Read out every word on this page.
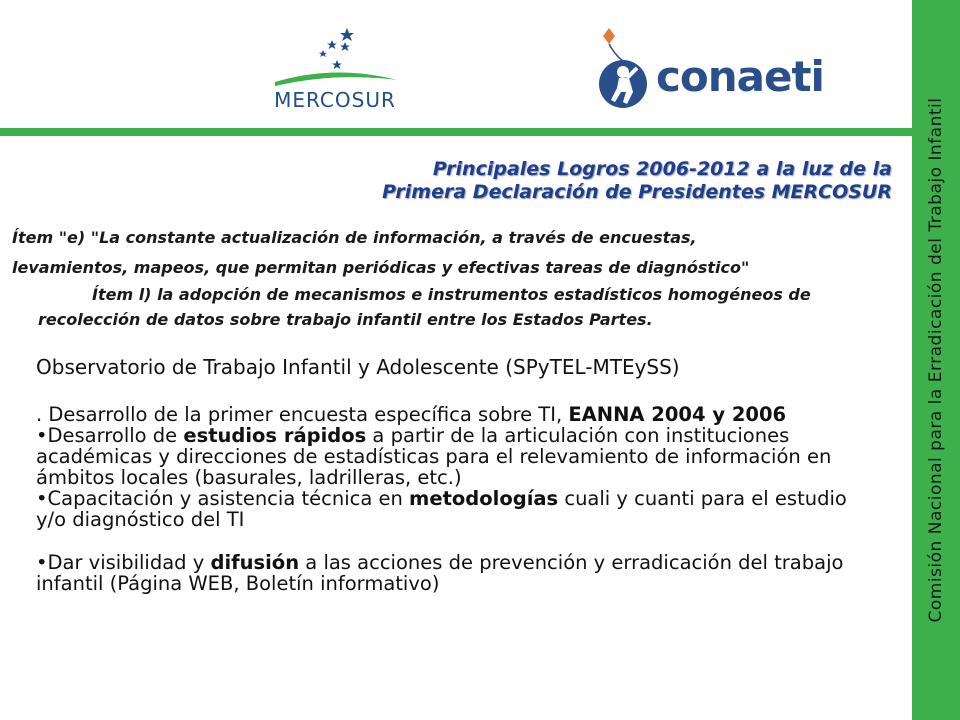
MERCOSUR	conaeti
Comisión Nacional para la Erradicación del Trabajo Infantil
Principales Logros 2006-2012 a la luz de la
Primera Declaración de Presidentes MERCOSUR
Ítem "e) "La constante actualización de información, a través de encuestas,
levamientos, mapeos, que permitan periódicas y efectivas tareas de diagnóstico"
Ítem l) la adopción de mecanismos e instrumentos estadísticos homogéneos de
recolección de datos sobre trabajo infantil entre los Estados Partes.
Observatorio de Trabajo Infantil y Adolescente (SPyTEL-MTEySS)

. Desarrollo de la primer encuesta específica sobre TI, EANNA 2004 y 2006

•Desarrollo de estudios rápidos a partir de la articulación con instituciones académicas y direcciones de estadísticas para el relevamiento de información en ámbitos locales (basurales, ladrilleras, etc.)

•Capacitación y asistencia técnica en metodologías cuali y cuanti para el estudio y/o diagnóstico del TI

•Dar visibilidad y difusión a las acciones de prevención y erradicación del trabajo infantil (Página WEB, Boletín informativo)
